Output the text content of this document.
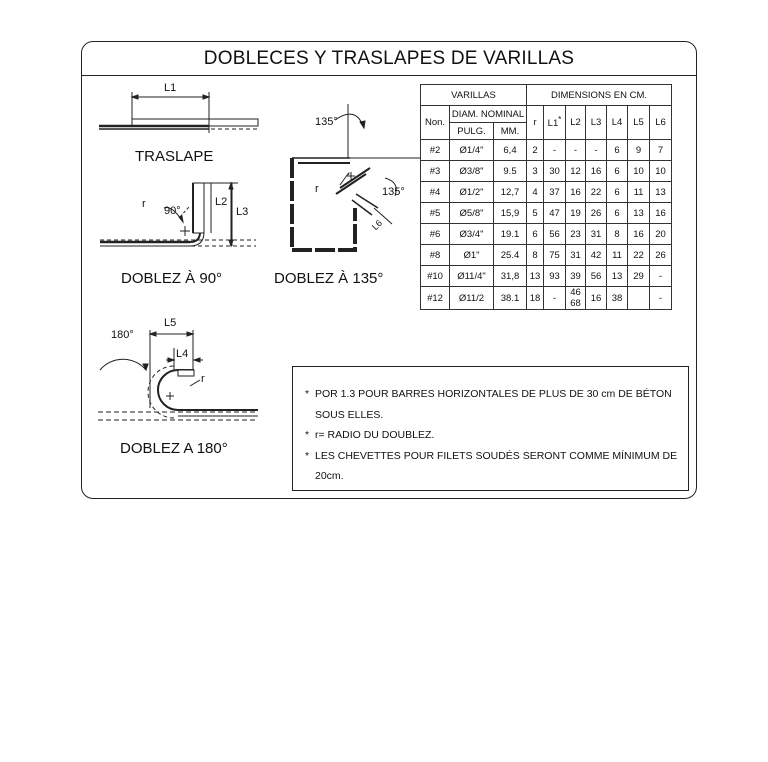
DOBLECES Y TRASLAPES DE VARILLAS
L1
TRASLAPE
r
90°
L2
L3
DOBLEZ À 90°
135°
r	135°
L6
DOBLEZ À 135°
180°
L5
L4
r
DOBLEZ A 180°
VARILLAS			DIMENSIONS EN CM.						
Non.	DIAM. NOMINAL		r	L1*	L2	L3	L4	L5	L6
	PULG.	MM.							
#2	Ø1/4"	6,4	2	-	-	-	6	9	7
#3	Ø3/8"	9.5	3	30	12	16	6	10	10
#4	Ø1/2"	12,7	4	37	16	22	6	11	13
#5	Ø5/8"	15,9	5	47	19	26	6	13	16
#6	Ø3/4"	19.1	6	56	23	31	8	16	20
#8	Ø1"	25.4	8	75	31	42	11	22	26
#10	Ø11/4"	31,8	13	93	39	56	13	29	-
#12	Ø11/2	38.1	18	-	46 68	16	38		-
* POR 1.3 POUR BARRES HORIZONTALES DE PLUS DE 30 cm DE BÉTON SOUS ELLES.
* r= RADIO DU DOUBLEZ.
* LES CHEVETTES POUR FILETS SOUDÉS SERONT COMME MÍNIMUM DE 20cm.
